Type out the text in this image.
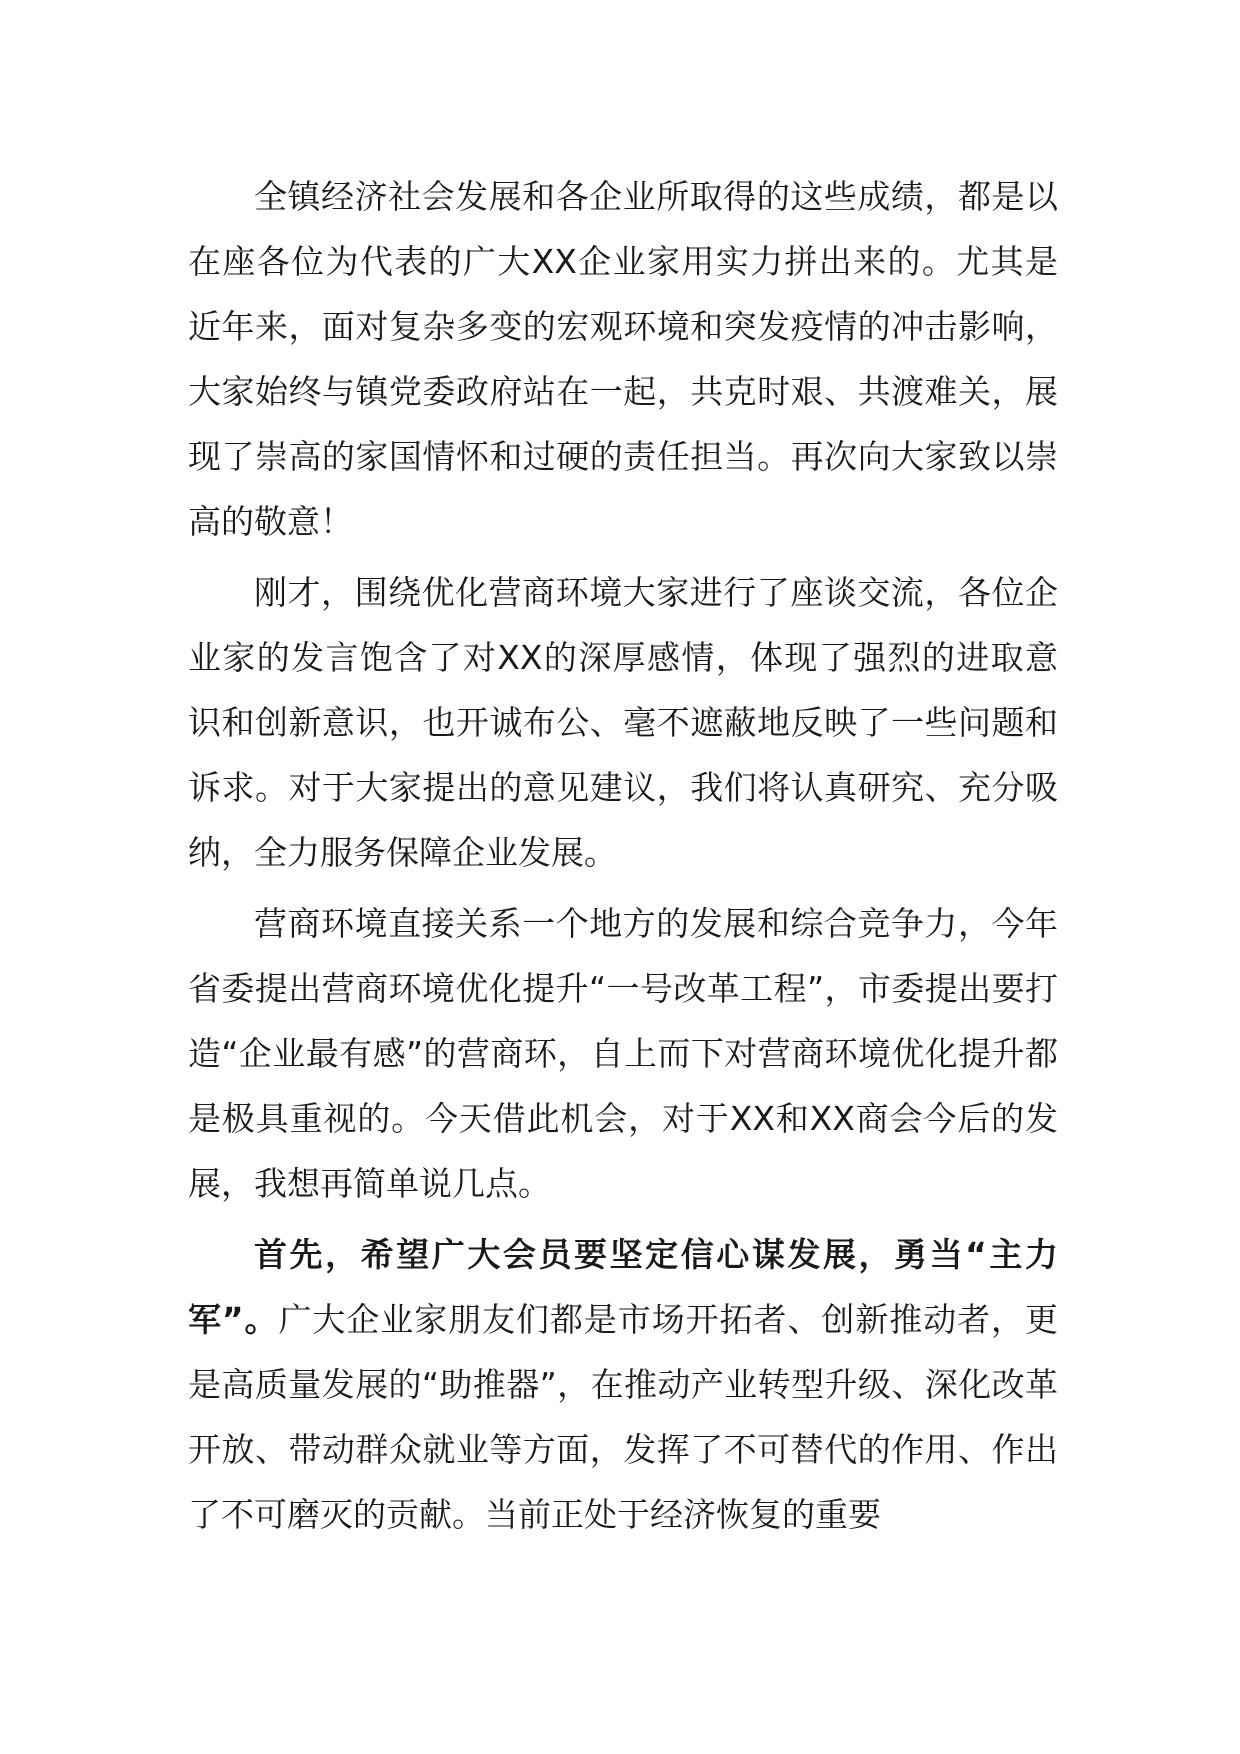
全镇经济社会发展和各企业所取得的这些成绩，都是以在座各位为代表的广大XX企业家用实力拼出来的。尤其是近年来，面对复杂多变的宏观环境和突发疫情的冲击影响，大家始终与镇党委政府站在一起，共克时艰、共渡难关，展现了崇高的家国情怀和过硬的责任担当。再次向大家致以崇高的敬意！

刚才，围绕优化营商环境大家进行了座谈交流，各位企业家的发言饱含了对XX的深厚感情，体现了强烈的进取意识和创新意识，也开诚布公、毫不遮蔽地反映了一些问题和诉求。对于大家提出的意见建议，我们将认真研究、充分吸纳，全力服务保障企业发展。

营商环境直接关系一个地方的发展和综合竞争力，今年省委提出营商环境优化提升“一号改革工程”，市委提出要打造“企业最有感”的营商环，自上而下对营商环境优化提升都是极具重视的。今天借此机会，对于XX和XX商会今后的发展，我想再简单说几点。

首先，希望广大会员要坚定信心谋发展，勇当“主力军”。广大企业家朋友们都是市场开拓者、创新推动者，更是高质量发展的“助推器”，在推动产业转型升级、深化改革开放、带动群众就业等方面，发挥了不可替代的作用、作出了不可磨灭的贡献。当前正处于经济恢复的重要
